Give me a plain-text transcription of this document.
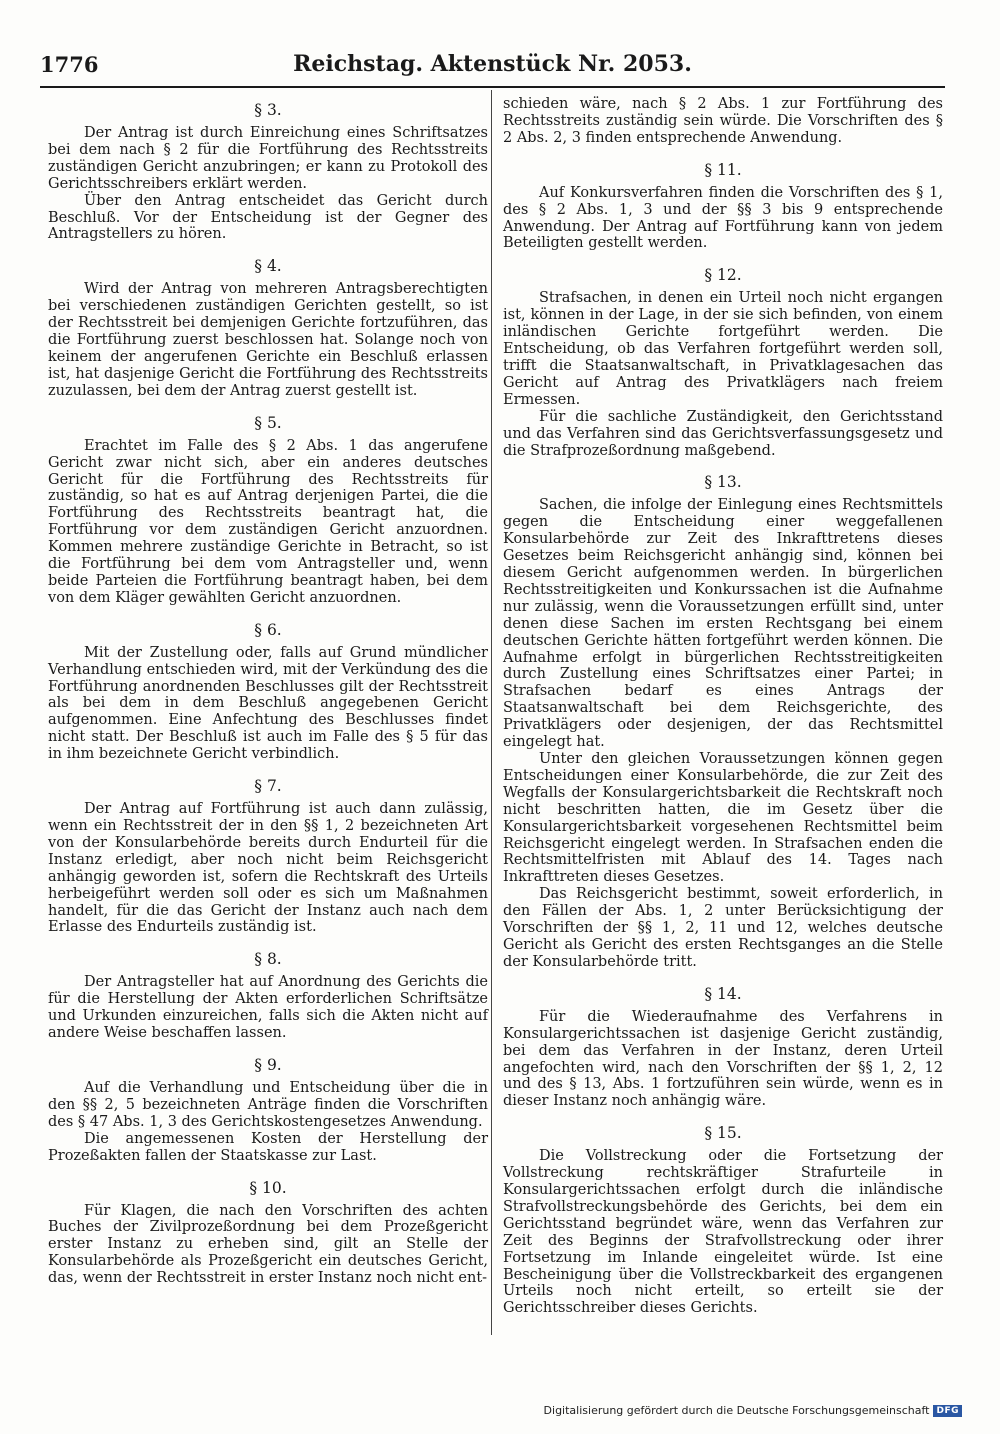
1776	Reichstag. Aktenstück Nr. 2053.
§ 3.

Der Antrag ist durch Einreichung eines Schriftsatzes bei dem nach § 2 für die Fortführung des Rechtsstreits zuständigen Gericht anzubringen; er kann zu Protokoll des Gerichtsschreibers erklärt werden.

Über den Antrag entscheidet das Gericht durch Beschluß. Vor der Entscheidung ist der Gegner des Antragstellers zu hören.

§ 4.

Wird der Antrag von mehreren Antragsberechtigten bei verschiedenen zuständigen Gerichten gestellt, so ist der Rechtsstreit bei demjenigen Gerichte fortzuführen, das die Fortführung zuerst beschlossen hat. Solange noch von keinem der angerufenen Gerichte ein Beschluß erlassen ist, hat dasjenige Gericht die Fortführung des Rechtsstreits zuzulassen, bei dem der Antrag zuerst gestellt ist.

§ 5.

Erachtet im Falle des § 2 Abs. 1 das angerufene Gericht zwar nicht sich, aber ein anderes deutsches Gericht für die Fortführung des Rechtsstreits für zuständig, so hat es auf Antrag derjenigen Partei, die die Fortführung des Rechtsstreits beantragt hat, die Fortführung vor dem zuständigen Gericht anzuordnen. Kommen mehrere zuständige Gerichte in Betracht, so ist die Fortführung bei dem vom Antragsteller und, wenn beide Parteien die Fortführung beantragt haben, bei dem von dem Kläger gewählten Gericht anzuordnen.

§ 6.

Mit der Zustellung oder, falls auf Grund mündlicher Verhandlung entschieden wird, mit der Verkündung des die Fortführung anordnenden Beschlusses gilt der Rechtsstreit als bei dem in dem Beschluß angegebenen Gericht aufgenommen. Eine Anfechtung des Beschlusses findet nicht statt. Der Beschluß ist auch im Falle des § 5 für das in ihm bezeichnete Gericht verbindlich.

§ 7.

Der Antrag auf Fortführung ist auch dann zulässig, wenn ein Rechtsstreit der in den §§ 1, 2 bezeichneten Art von der Konsularbehörde bereits durch Endurteil für die Instanz erledigt, aber noch nicht beim Reichsgericht anhängig geworden ist, sofern die Rechtskraft des Urteils herbeigeführt werden soll oder es sich um Maßnahmen handelt, für die das Gericht der Instanz auch nach dem Erlasse des Endurteils zuständig ist.

§ 8.

Der Antragsteller hat auf Anordnung des Gerichts die für die Herstellung der Akten erforderlichen Schriftsätze und Urkunden einzureichen, falls sich die Akten nicht auf andere Weise beschaffen lassen.

§ 9.

Auf die Verhandlung und Entscheidung über die in den §§ 2, 5 bezeichneten Anträge finden die Vorschriften des § 47 Abs. 1, 3 des Gerichtskostengesetzes Anwendung.

Die angemessenen Kosten der Herstellung der Prozeßakten fallen der Staatskasse zur Last.

§ 10.

Für Klagen, die nach den Vorschriften des achten Buches der Zivilprozeßordnung bei dem Prozeßgericht erster Instanz zu erheben sind, gilt an Stelle der Konsularbehörde als Prozeßgericht ein deutsches Gericht, das, wenn der Rechtsstreit in erster Instanz noch nicht ent-

schieden wäre, nach § 2 Abs. 1 zur Fortführung des Rechtsstreits zuständig sein würde. Die Vorschriften des § 2 Abs. 2, 3 finden entsprechende Anwendung.

§ 11.

Auf Konkursverfahren finden die Vorschriften des § 1, des § 2 Abs. 1, 3 und der §§ 3 bis 9 entsprechende Anwendung. Der Antrag auf Fortführung kann von jedem Beteiligten gestellt werden.

§ 12.

Strafsachen, in denen ein Urteil noch nicht ergangen ist, können in der Lage, in der sie sich befinden, von einem inländischen Gerichte fortgeführt werden. Die Entscheidung, ob das Verfahren fortgeführt werden soll, trifft die Staatsanwaltschaft, in Privatklagesachen das Gericht auf Antrag des Privatklägers nach freiem Ermessen.

Für die sachliche Zuständigkeit, den Gerichtsstand und das Verfahren sind das Gerichtsverfassungsgesetz und die Strafprozeßordnung maßgebend.

§ 13.

Sachen, die infolge der Einlegung eines Rechtsmittels gegen die Entscheidung einer weggefallenen Konsularbehörde zur Zeit des Inkrafttretens dieses Gesetzes beim Reichsgericht anhängig sind, können bei diesem Gericht aufgenommen werden. In bürgerlichen Rechtsstreitigkeiten und Konkurssachen ist die Aufnahme nur zulässig, wenn die Voraussetzungen erfüllt sind, unter denen diese Sachen im ersten Rechtsgang bei einem deutschen Gerichte hätten fortgeführt werden können. Die Aufnahme erfolgt in bürgerlichen Rechtsstreitigkeiten durch Zustellung eines Schriftsatzes einer Partei; in Strafsachen bedarf es eines Antrags der Staatsanwaltschaft bei dem Reichsgerichte, des Privatklägers oder desjenigen, der das Rechtsmittel eingelegt hat.

Unter den gleichen Voraussetzungen können gegen Entscheidungen einer Konsularbehörde, die zur Zeit des Wegfalls der Konsulargerichtsbarkeit die Rechtskraft noch nicht beschritten hatten, die im Gesetz über die Konsulargerichtsbarkeit vorgesehenen Rechtsmittel beim Reichsgericht eingelegt werden. In Strafsachen enden die Rechtsmittelfristen mit Ablauf des 14. Tages nach Inkrafttreten dieses Gesetzes.

Das Reichsgericht bestimmt, soweit erforderlich, in den Fällen der Abs. 1, 2 unter Berücksichtigung der Vorschriften der §§ 1, 2, 11 und 12, welches deutsche Gericht als Gericht des ersten Rechtsganges an die Stelle der Konsularbehörde tritt.

§ 14.

Für die Wiederaufnahme des Verfahrens in Konsulargerichtssachen ist dasjenige Gericht zuständig, bei dem das Verfahren in der Instanz, deren Urteil angefochten wird, nach den Vorschriften der §§ 1, 2, 12 und des § 13, Abs. 1 fortzuführen sein würde, wenn es in dieser Instanz noch anhängig wäre.

§ 15.

Die Vollstreckung oder die Fortsetzung der Vollstreckung rechtskräftiger Strafurteile in Konsulargerichtssachen erfolgt durch die inländische Strafvollstreckungsbehörde des Gerichts, bei dem ein Gerichtsstand begründet wäre, wenn das Verfahren zur Zeit des Beginns der Strafvollstreckung oder ihrer Fortsetzung im Inlande eingeleitet würde. Ist eine Bescheinigung über die Vollstreckbarkeit des ergangenen Urteils noch nicht erteilt, so erteilt sie der Gerichtsschreiber dieses Gerichts.

Digitalisierung gefördert durch die Deutsche Forschungsgemeinschaft DFG
